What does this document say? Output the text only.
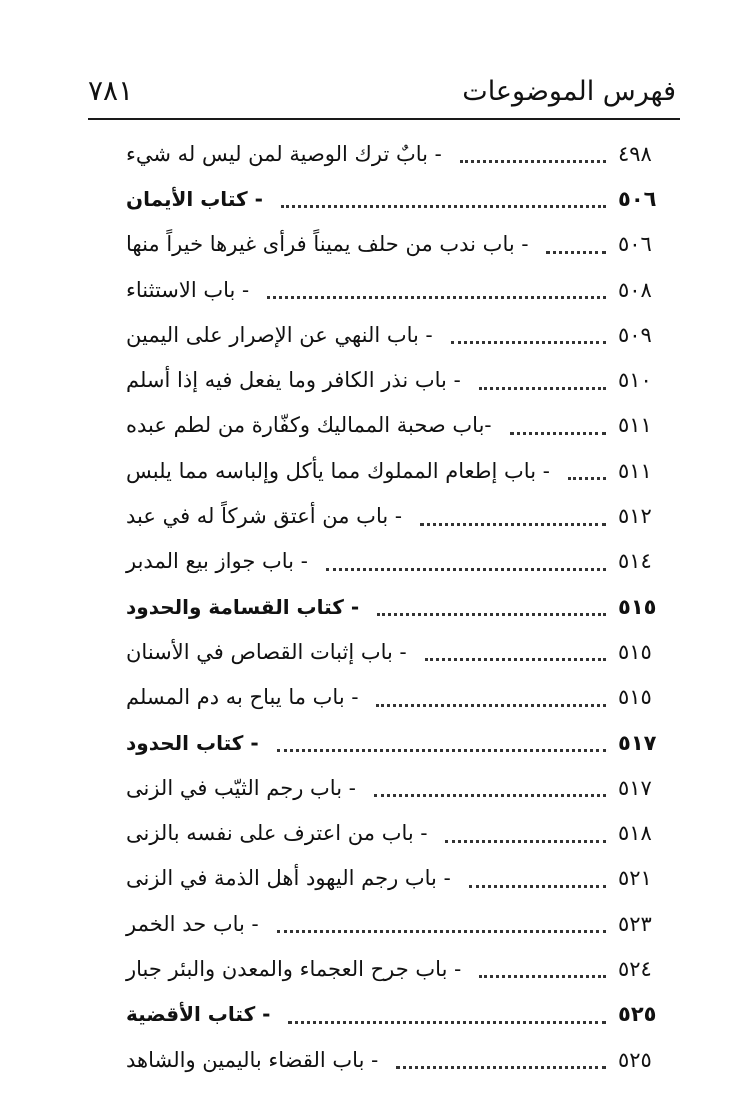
٧٨١	فهرس الموضوعات
- بابٌ ترك الوصية لمن ليس له شيء	٤٩٨
- كتاب الأيمان	٥٠٦
- باب ندب من حلف يميناً فرأى غيرها خيراً منها	٥٠٦
- باب الاستثناء	٥٠٨
- باب النهي عن الإصرار على اليمين	٥٠٩
- باب نذر الكافر وما يفعل فيه إذا أسلم	٥١٠
-باب صحبة المماليك وكفّارة من لطم عبده	٥١١
- باب إطعام المملوك مما يأكل وإلباسه مما يلبس	٥١١
- باب من أعتق شركاً له في عبد	٥١٢
- باب جواز بيع المدبر	٥١٤
- كتاب القسامة والحدود	٥١٥
- باب إثبات القصاص في الأسنان	٥١٥
- باب ما يباح به دم المسلم	٥١٥
- كتاب الحدود	٥١٧
- باب رجم الثيّب في الزنى	٥١٧
- باب من اعترف على نفسه بالزنى	٥١٨
- باب رجم اليهود أهل الذمة في الزنى	٥٢١
- باب حد الخمر	٥٢٣
- باب جرح العجماء والمعدن والبئر جبار	٥٢٤
- كتاب الأقضية	٥٢٥
- باب القضاء باليمين والشاهد	٥٢٥
